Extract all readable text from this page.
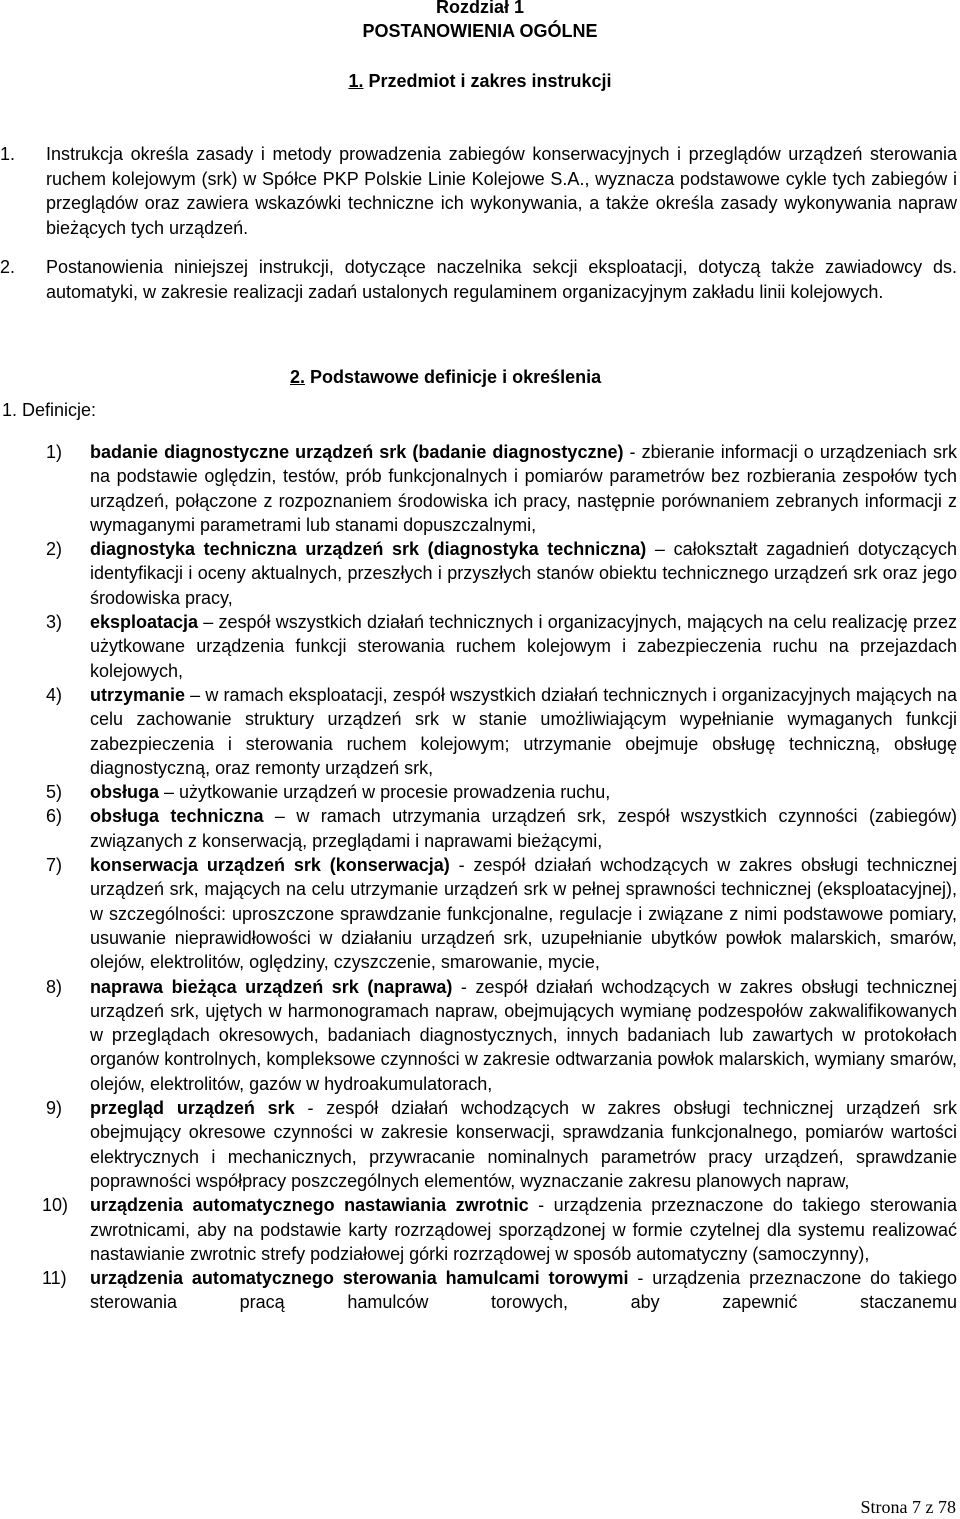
Rozdział 1
POSTANOWIENIA OGÓLNE
1. Przedmiot i zakres instrukcji
1. Instrukcja określa zasady i metody prowadzenia zabiegów konserwacyjnych i przeglądów urządzeń sterowania ruchem kolejowym (srk) w Spółce PKP Polskie Linie Kolejowe S.A., wyznacza podstawowe cykle tych zabiegów i przeglądów oraz zawiera wskazówki techniczne ich wykonywania, a także określa zasady wykonywania napraw bieżących tych urządzeń.
2. Postanowienia niniejszej instrukcji, dotyczące naczelnika sekcji eksploatacji, dotyczą także zawiadowcy ds. automatyki, w zakresie realizacji zadań ustalonych regulaminem organizacyjnym zakładu linii kolejowych.
2. Podstawowe definicje i określenia
1. Definicje:
1) badanie diagnostyczne urządzeń srk (badanie diagnostyczne) - zbieranie informacji o urządzeniach srk na podstawie oględzin, testów, prób funkcjonalnych i pomiarów parametrów bez rozbierania zespołów tych urządzeń, połączone z rozpoznaniem środowiska ich pracy, następnie porównaniem zebranych informacji z wymaganymi parametrami lub stanami dopuszczalnymi,
2) diagnostyka techniczna urządzeń srk (diagnostyka techniczna) – całokształt zagadnień dotyczących identyfikacji i oceny aktualnych, przeszłych i przyszłych stanów obiektu technicznego urządzeń srk oraz jego środowiska pracy,
3) eksploatacja – zespół wszystkich działań technicznych i organizacyjnych, mających na celu realizację przez użytkowane urządzenia funkcji sterowania ruchem kolejowym i zabezpieczenia ruchu na przejazdach kolejowych,
4) utrzymanie – w ramach eksploatacji, zespół wszystkich działań technicznych i organizacyjnych mających na celu zachowanie struktury urządzeń srk w stanie umożliwiającym wypełnianie wymaganych funkcji zabezpieczenia i sterowania ruchem kolejowym; utrzymanie obejmuje obsługę techniczną, obsługę diagnostyczną, oraz remonty urządzeń srk,
5) obsługa – użytkowanie urządzeń w procesie prowadzenia ruchu,
6) obsługa techniczna – w ramach utrzymania urządzeń srk, zespół wszystkich czynności (zabiegów) związanych z konserwacją, przeglądami i naprawami bieżącymi,
7) konserwacja urządzeń srk (konserwacja) - zespół działań wchodzących w zakres obsługi technicznej urządzeń srk, mających na celu utrzymanie urządzeń srk w pełnej sprawności technicznej (eksploatacyjnej), w szczególności: uproszczone sprawdzanie funkcjonalne, regulacje i związane z nimi podstawowe pomiary, usuwanie nieprawidłowości w działaniu urządzeń srk, uzupełnianie ubytków powłok malarskich, smarów, olejów, elektrolitów, oględziny, czyszczenie, smarowanie, mycie,
8) naprawa bieżąca urządzeń srk (naprawa) - zespół działań wchodzących w zakres obsługi technicznej urządzeń srk, ujętych w harmonogramach napraw, obejmujących wymianę podzespołów zakwalifikowanych w przeglądach okresowych, badaniach diagnostycznych, innych badaniach lub zawartych w protokołach organów kontrolnych, kompleksowe czynności w zakresie odtwarzania powłok malarskich, wymiany smarów, olejów, elektrolitów, gazów w hydroakumulatorach,
9) przegląd urządzeń srk - zespół działań wchodzących w zakres obsługi technicznej urządzeń srk obejmujący okresowe czynności w zakresie konserwacji, sprawdzania funkcjonalnego, pomiarów wartości elektrycznych i mechanicznych, przywracanie nominalnych parametrów pracy urządzeń, sprawdzanie poprawności współpracy poszczególnych elementów, wyznaczanie zakresu planowych napraw,
10) urządzenia automatycznego nastawiania zwrotnic - urządzenia przeznaczone do takiego sterowania zwrotnicami, aby na podstawie karty rozrządowej sporządzonej w formie czytelnej dla systemu realizować nastawianie zwrotnic strefy podziałowej górki rozrządowej w sposób automatyczny (samoczynny),
11) urządzenia automatycznego sterowania hamulcami torowymi - urządzenia przeznaczone do takiego sterowania pracą hamulców torowych, aby zapewnić staczanemu
Strona 7 z 78
